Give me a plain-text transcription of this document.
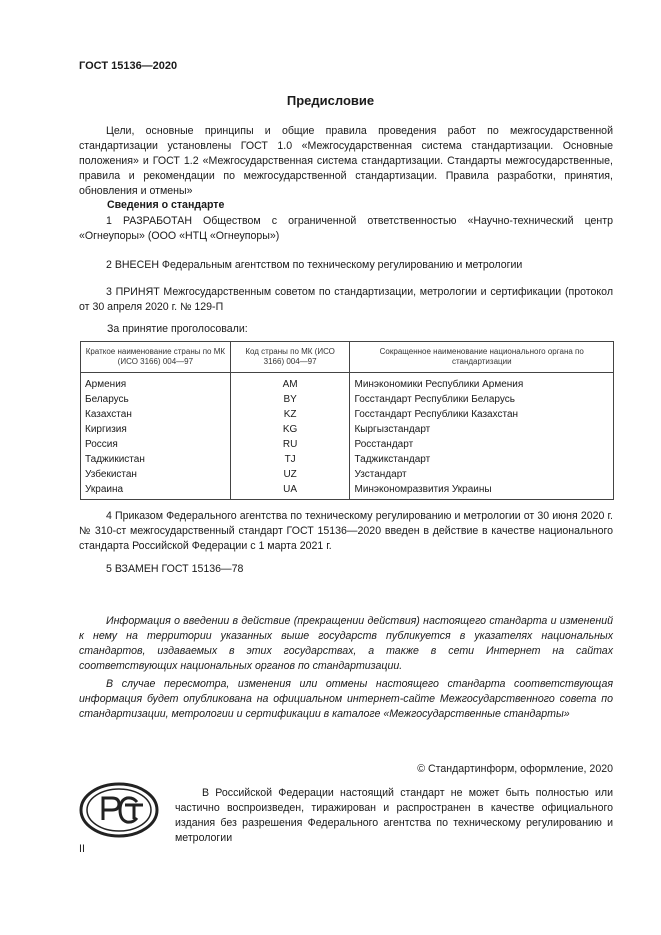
ГОСТ 15136—2020
Предисловие

Цели, основные принципы и общие правила проведения работ по межгосударственной стандартизации установлены ГОСТ 1.0 «Межгосударственная система стандартизации. Основные положения» и ГОСТ 1.2 «Межгосударственная система стандартизации. Стандарты межгосударственные, правила и рекомендации по межгосударственной стандартизации. Правила разработки, принятия, обновления и отмены»

Сведения о стандарте

1 РАЗРАБОТАН Обществом с ограниченной ответственностью «Научно-технический центр «Огнеупоры» (ООО «НТЦ «Огнеупоры»)

2 ВНЕСЕН Федеральным агентством по техническому регулированию и метрологии

3 ПРИНЯТ Межгосударственным советом по стандартизации, метрологии и сертификации (протокол от 30 апреля 2020 г. № 129-П

За принятие проголосовали:
Краткое наименование страны по МК (ИСО 3166) 004—97	Код страны по МК (ИСО 3166) 004—97	Сокращенное наименование национального органа по стандартизации
Армения	AM	Минэкономики Республики Армения
Беларусь	BY	Госстандарт Республики Беларусь
Казахстан	KZ	Госстандарт Республики Казахстан
Киргизия	KG	Кыргызстандарт
Россия	RU	Росстандарт
Таджикистан	TJ	Таджикстандарт
Узбекистан	UZ	Узстандарт
Украина	UA	Минэкономразвития Украины

4 Приказом Федерального агентства по техническому регулированию и метрологии от 30 июня 2020 г. № 310-ст межгосударственный стандарт ГОСТ 15136—2020 введен в действие в качестве национального стандарта Российской Федерации с 1 марта 2021 г.

5 ВЗАМЕН ГОСТ 15136—78

Информация о введении в действие (прекращении действия) настоящего стандарта и изменений к нему на территории указанных выше государств публикуется в указателях национальных стандартов, издаваемых в этих государствах, а также в сети Интернет на сайтах соответствующих национальных органов по стандартизации.

В случае пересмотра, изменения или отмены настоящего стандарта соответствующая информация будет опубликована на официальном интернет-сайте Межгосударственного совета по стандартизации, метрологии и сертификации в каталоге «Межгосударственные стандарты»

© Стандартинформ, оформление, 2020

В Российской Федерации настоящий стандарт не может быть полностью или частично воспроизведен, тиражирован и распространен в качестве официального издания без разрешения Федерального агентства по техническому регулированию и метрологии

II
